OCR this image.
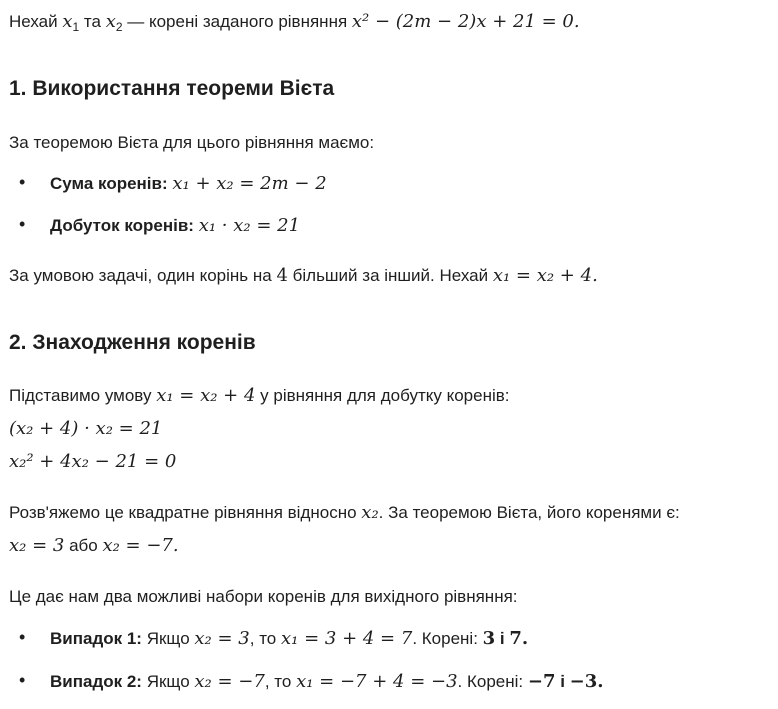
Нехай $x_1$ та $x_2$ — корені заданого рівняння x² − (2m − 2)x + 21 = 0.
1. Використання теореми Вієта
За теоремою Вієта для цього рівняння маємо:
• Сума коренів: x₁ + x₂ = 2m − 2
• Добуток коренів: x₁ · x₂ = 21
За умовою задачі, один корінь на 4 більший за інший. Нехай x₁ = x₂ + 4.
2. Знаходження коренів
Підставимо умову x₁ = x₂ + 4 у рівняння для добутку коренів:
(x₂ + 4) · x₂ = 21
x₂² + 4x₂ − 21 = 0
Розв'яжемо це квадратне рівняння відносно x₂. За теоремою Вієта, його коренями є:
x₂ = 3 або x₂ = −7.
Це дає нам два можливі набори коренів для вихідного рівняння:
• Випадок 1: Якщо x₂ = 3, то x₁ = 3 + 4 = 7. Корені: 3 і 7.
• Випадок 2: Якщо x₂ = −7, то x₁ = −7 + 4 = −3. Корені: −7 і −3.
